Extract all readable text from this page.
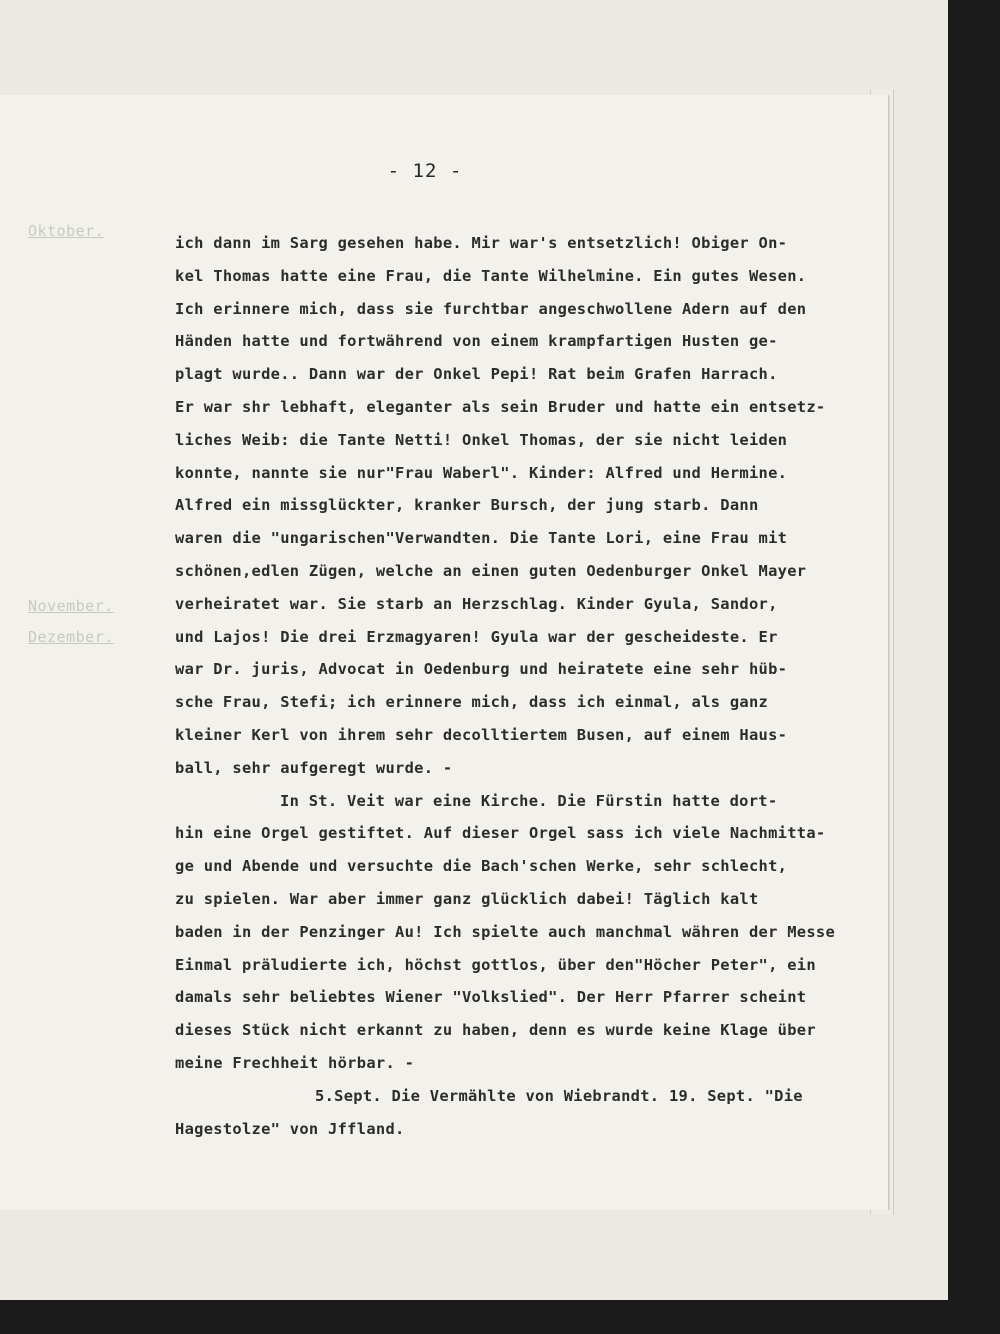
Oktober.
November.
Dezember.
- 12 -
ich dann im Sarg gesehen habe. Mir war's entsetzlich! Obiger On-
kel Thomas hatte eine Frau, die Tante Wilhelmine. Ein gutes Wesen.
Ich erinnere mich, dass sie furchtbar angeschwollene Adern auf den
Händen hatte und fortwährend von einem krampfartigen Husten ge-
plagt wurde.. Dann war der Onkel Pepi! Rat beim Grafen Harrach.
Er war shr lebhaft, eleganter als sein Bruder und hatte ein entsetz-
liches Weib: die Tante Netti! Onkel Thomas, der sie nicht leiden
konnte, nannte sie nur"Frau Waberl". Kinder: Alfred und Hermine.
Alfred ein missglückter, kranker Bursch, der jung starb. Dann
waren die "ungarischen"Verwandten. Die Tante Lori, eine Frau mit
schönen,edlen Zügen, welche an einen guten Oedenburger Onkel Mayer
verheiratet war. Sie starb an Herzschlag. Kinder Gyula, Sandor,
und Lajos! Die drei Erzmagyaren! Gyula war der gescheideste. Er
war Dr. juris, Advocat in Oedenburg und heiratete eine sehr hüb-
sche Frau, Stefi; ich erinnere mich, dass ich einmal, als ganz
kleiner Kerl von ihrem sehr decolltiertem Busen, auf einem Haus-
ball, sehr aufgeregt wurde. -
In St. Veit war eine Kirche. Die Fürstin hatte dort-
hin eine Orgel gestiftet. Auf dieser Orgel sass ich viele Nachmitta-
ge und Abende und versuchte die Bach'schen Werke, sehr schlecht,
zu spielen. War aber immer ganz glücklich dabei! Täglich kalt
baden in der Penzinger Au! Ich spielte auch manchmal währen der Messe
Einmal präludierte ich, höchst gottlos, über den"Höcher Peter", ein
damals sehr beliebtes Wiener "Volkslied". Der Herr Pfarrer scheint
dieses Stück nicht erkannt zu haben, denn es wurde keine Klage über
meine Frechheit hörbar. -
5.Sept. Die Vermählte von Wiebrandt. 19. Sept. "Die
Hagestolze" von Jffland.
